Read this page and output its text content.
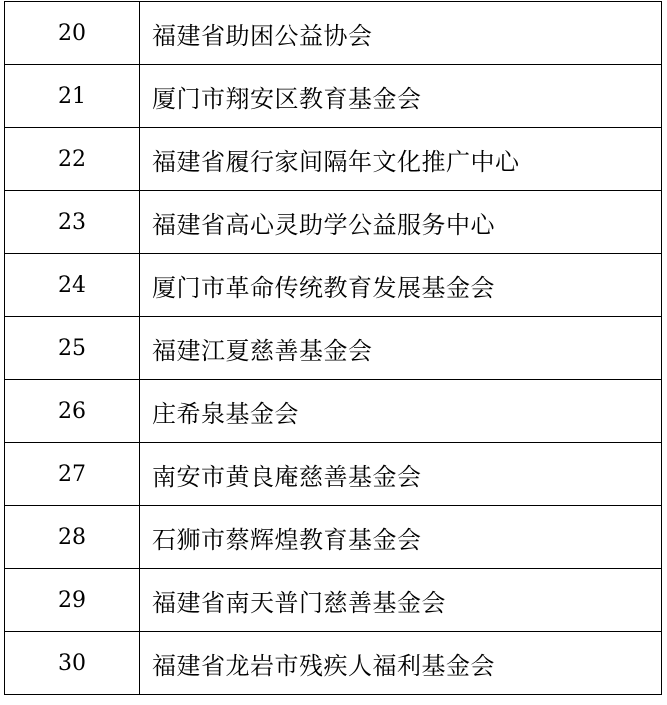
20	福建省助困公益协会
21	厦门市翔安区教育基金会
22	福建省履行家间隔年文化推广中心
23	福建省高心灵助学公益服务中心
24	厦门市革命传统教育发展基金会
25	福建江夏慈善基金会
26	庄希泉基金会
27	南安市黄良庵慈善基金会
28	石狮市蔡辉煌教育基金会
29	福建省南天普门慈善基金会
30	福建省龙岩市残疾人福利基金会
